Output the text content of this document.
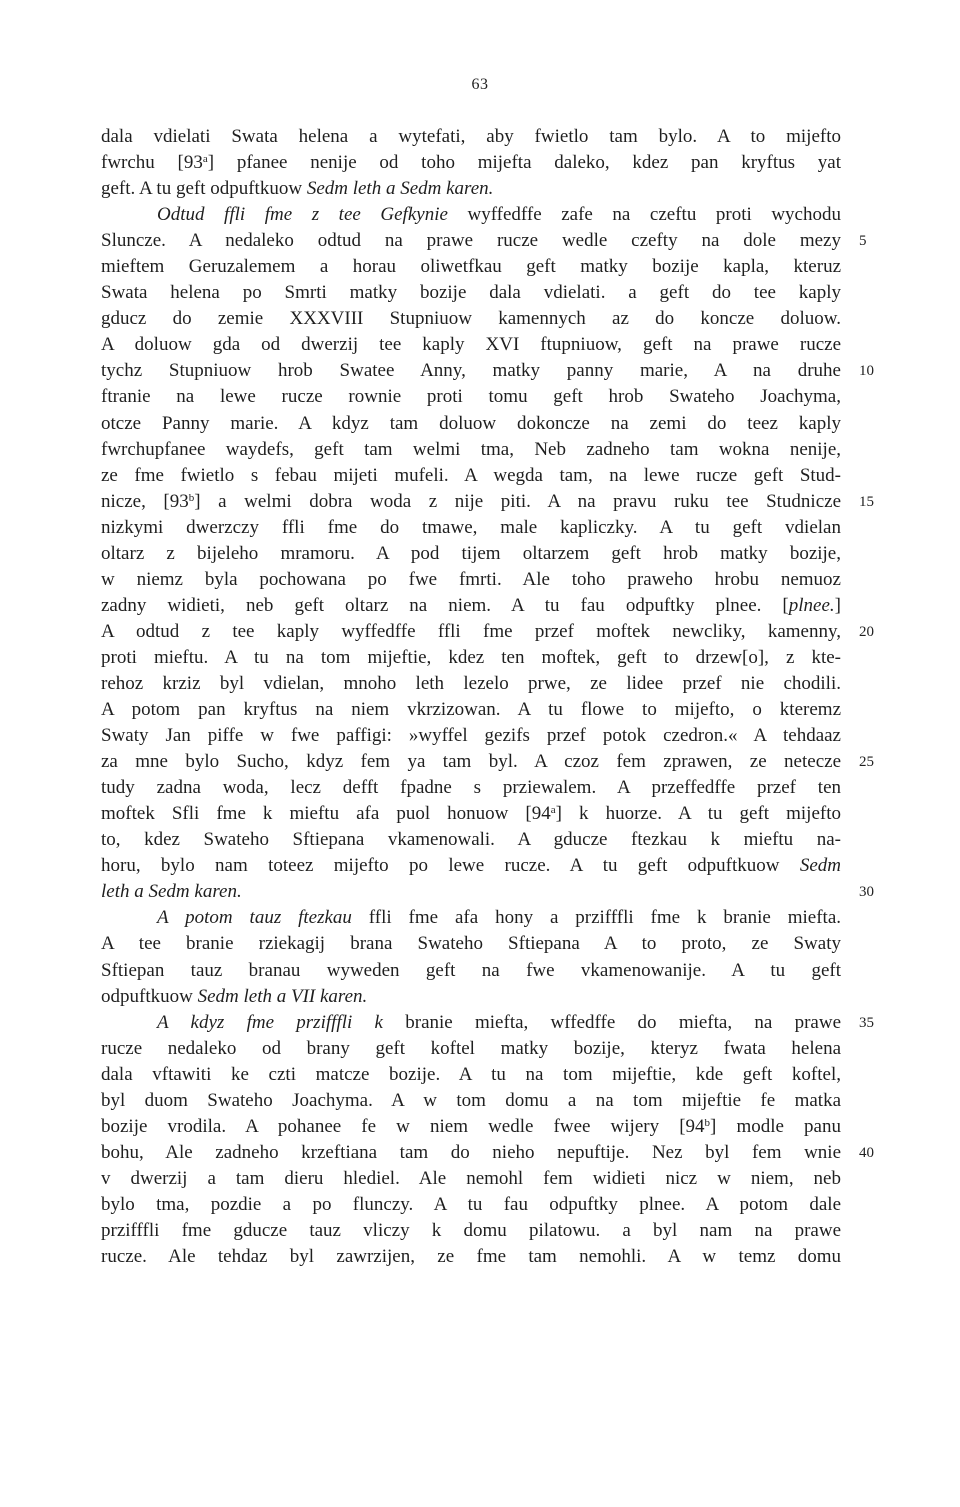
63
dala vdielati Swata helena a wytefati, aby fwietlo tam bylo. A to mijefto
fwrchu [93$^a$] pfanee nenije od toho mijefta daleko, kdez pan kryftus yat
geft. A tu geft odpuftkuow Sedm leth a Sedm karen.
Odtud ffli fme z tee Gefkynie wyffedffe zafe na czeftu proti wychodu
Sluncze. A nedaleko odtud na prawe rucze wedle czefty na dole mezy 5
mieftem Geruzalemem a horau oliwetfkau geft matky bozije kapla, kteruz
Swata helena po Smrti matky bozije dala vdielati. a geft do tee kaply
gducz do zemie XXXVIII Stupniuow kamennych az do koncze doluow.
A doluow gda od dwerzij tee kaply XVI ftupniuow, geft na prawe rucze
tychz Stupniuow hrob Swatee Anny, matky panny marie, A na druhe 10
ftranie na lewe rucze rownie proti tomu geft hrob Swateho Joachyma,
otcze Panny marie. A kdyz tam doluow dokoncze na zemi do teez kaply
fwrchupfanee waydefs, geft tam welmi tma, Neb zadneho tam wokna nenije,
ze fme fwietlo s febau mijeti mufeli. A wegda tam, na lewe rucze geft Stud-
nicze, [93$^b$] a welmi dobra woda z nije piti. A na pravu ruku tee Studnicze 15
nizkymi dwerzczy ffli fme do tmawe, male kapliczky. A tu geft vdielan
oltarz z bijeleho mramoru. A pod tijem oltarzem geft hrob matky bozije,
w niemz byla pochowana po fwe fmrti. Ale toho praweho hrobu nemuoz
zadny widieti, neb geft oltarz na niem. A tu fau odpuftky plnee. [plnee.]
A odtud z tee kaply wyffedffe ffli fme przef moftek newcliky, kamenny, 20
proti mieftu. A tu na tom mijeftie, kdez ten moftek, geft to drzew[o], z kte-
rehoz krziz byl vdielan, mnoho leth lezelo prwe, ze lidee przef nie chodili.
A potom pan kryftus na niem vkrzizowan. A tu flowe to mijefto, o kteremz
Swaty Jan piffe w fwe paffigi: »wyffel gezifs przef potok czedron.« A tehdaaz
za mne bylo Sucho, kdyz fem ya tam byl. A czoz fem zprawen, ze netecze 25
tudy zadna woda, lecz defft fpadne s prziewalem. A przeffedffe przef ten
moftek Sfli fme k mieftu afa puol honuow [94$^a$] k huorze. A tu geft mijefto
to, kdez Swateho Sftiepana vkamenowali. A gducze ftezkau k mieftu na-
horu, bylo nam toteez mijefto po lewe rucze. A tu geft odpuftkuow Sedm
leth a Sedm karen.	30
A potom tauz ftezkau ffli fme afa hony a przifffli fme k branie miefta.
A tee branie rziekagij brana Swateho Sftiepana A to proto, ze Swaty
Sftiepan tauz branau wyweden geft na fwe vkamenowanije. A tu geft
odpuftkuow Sedm leth a VII karen.
A kdyz fme przifffli k branie miefta, wffedffe do miefta, na prawe 35
rucze nedaleko od brany geft koftel matky bozije, kteryz fwata helena
dala vftawiti ke czti matcze bozije. A tu na tom mijeftie, kde geft koftel,
byl duom Swateho Joachyma. A w tom domu a na tom mijeftie fe matka
bozije vrodila. A pohanee fe w niem wedle fwee wijery [94$^b$] modle panu
bohu, Ale zadneho krzeftiana tam do nieho nepuftije. Nez byl fem wnie 40
v dwerzij a tam dieru hlediel. Ale nemohl fem widieti nicz w niem, neb
bylo tma, pozdie a po flunczy. A tu fau odpuftky plnee. A potom dale
przifffli fme gducze tauz vliczy k domu pilatowu. a byl nam na prawe
rucze. Ale tehdaz byl zawrzijen, ze fme tam nemohli. A w temz domu
